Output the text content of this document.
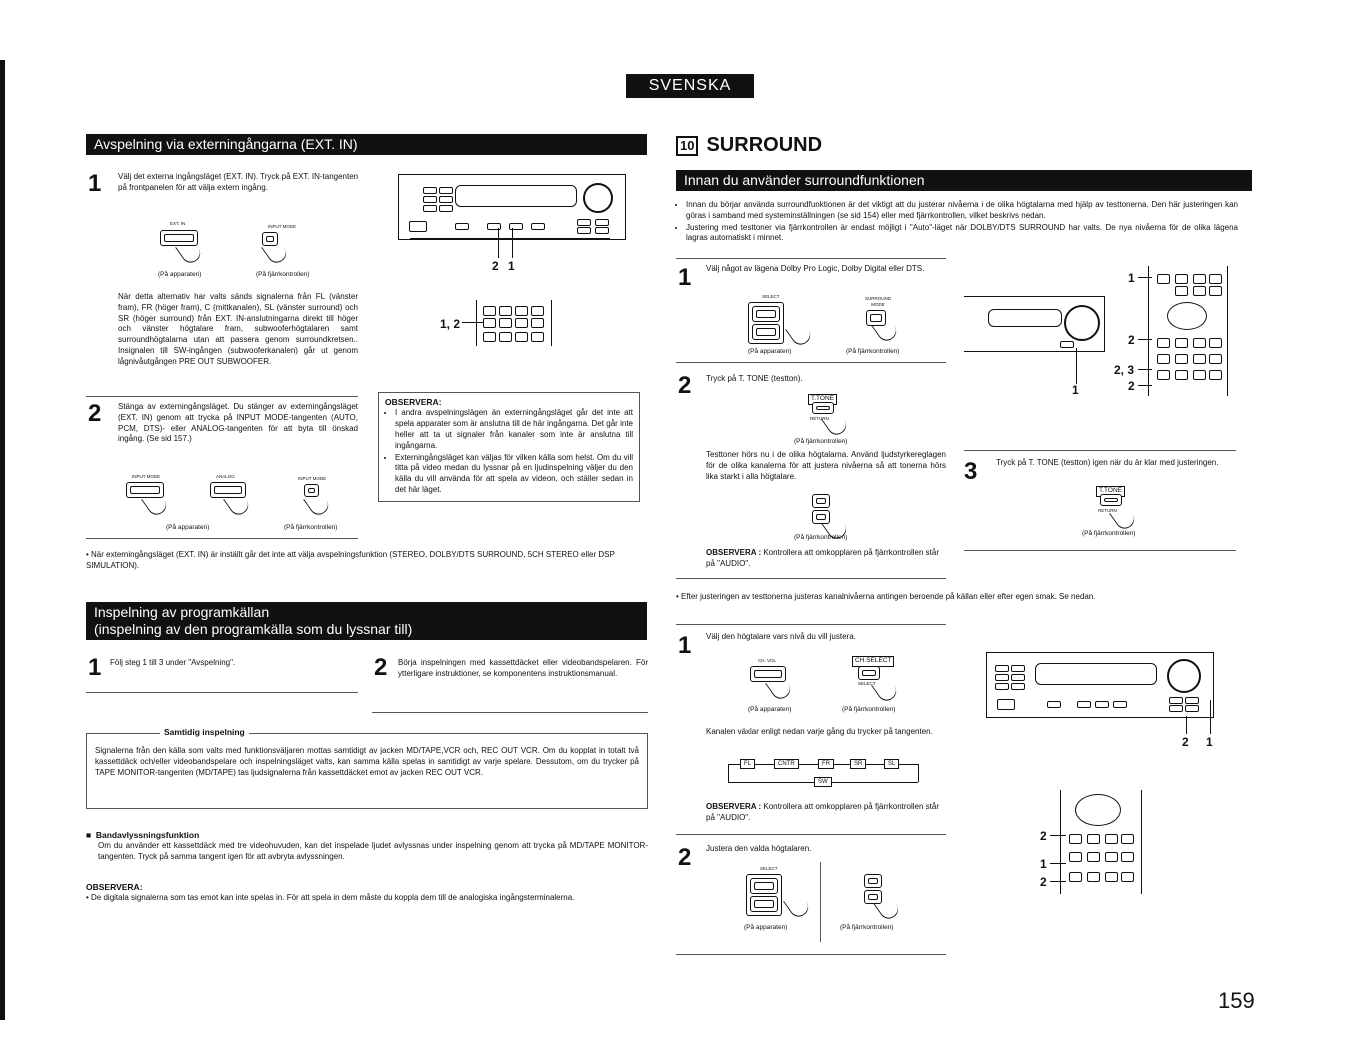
SVENSKA
Avspelning via externingångarna (EXT. IN)
1 Välj det externa ingångsläget (EXT. IN). Tryck på EXT. IN-tangenten på frontpanelen för att välja extern ingång.
EXT. IN
INPUT MODE
(På apparaten)	(På fjärrkontrollen)
När detta alternativ har valts sänds signalerna från FL (vänster fram), FR (höger fram), C (mittkanalen), SL (vänster surround) och SR (höger surround) från EXT. IN-anslutningarna direkt till höger och vänster högtalare fram, subwooferhögtalaren samt surroundhögtalarna utan att passera genom surroundkretsen.. Insignalen till SW-ingången (subwooferkanalen) går ut genom lågnivåutgången PRE OUT SUBWOOFER.
2 1
1, 2
2 Stänga av externingångsläget. Du stänger av externingångsläget (EXT. IN) genom att trycka på INPUT MODE-tangenten (AUTO, PCM, DTS)- eller ANALOG-tangenten för att byta till önskad ingång. (Se sid 157.)
INPUT MODE	ANALOG	INPUT MODE
(På apparaten)	(På fjärrkontrollen)
OBSERVERA:
• I andra avspelningslägen än externingångsläget går det inte att spela apparater som är anslutna till de här ingångarna. Det går inte heller att ta ut signaler från kanaler som inte är anslutna till ingångarna.
• Externingångsläget kan väljas för vilken källa som helst. Om du vill titta på video medan du lyssnar på en ljudinspelning väljer du den källa du vill använda för att spela av videon, och ställer sedan in det här läget.
• När externingångsläget (EXT. IN) är inställt går det inte att välja avspelningsfunktion (STEREO, DOLBY/DTS SURROUND, 5CH STEREO eller DSP SIMULATION).
Inspelning av programkällan
(inspelning av den programkälla som du lyssnar till)
1 Följ steg 1 till 3 under "Avspelning".	2 Börja inspelningen med kassettdäcket eller videobandspelaren. För ytterligare instruktioner, se komponentens instruktionsmanual.
Signalerna från den källa som valts med funktionsväljaren mottas samtidigt av jacken MD/TAPE,VCR och, REC OUT VCR. Om du kopplat in totalt två kassettdäck och/eller videobandspelare och inspelningsläget valts, kan samma källa spelas in samtidigt av varje spelare. Dessutom, om du trycker på TAPE MONITOR-tangenten (MD/TAPE) tas ljudsignalerna från kassettdäcket emot av jacken REC OUT VCR.
Samtidig inspelning
■  Bandavlyssningsfunktion
Om du använder ett kassettdäck med tre videohuvuden, kan det inspelade ljudet avlyssnas under inspelning genom att trycka på MD/TAPE MONITOR-tangenten. Tryck på samma tangent igen för att avbryta avlyssningen.
OBSERVERA:
• De digitala signalerna som tas emot kan inte spelas in. För att spela in dem måste du koppla dem till de analogiska ingångsterminalerna.
10 SURROUND
Innan du använder surroundfunktionen
• Innan du börjar använda surroundfunktionen är det viktigt att du justerar nivåerna i de olika högtalarna med hjälp av testtonerna. Den här justeringen kan göras i samband med systeminställningen (se sid 154) eller med fjärrkontrollen, vilket beskrivs nedan.
• Justering med testtoner via fjärrkontrollen är endast möjligt i "Auto"-läget när DOLBY/DTS SURROUND har valts. De nya nivåerna för de olika lägena lagras automatiskt i minnet.
1 Välj något av lägena Dolby Pro Logic, Dolby Digital eller DTS.
SELECT	SURROUND MODE
(På apparaten)	(På fjärrkontrollen)
2 Tryck på T. TONE (testton).
T.TONE
RETURN
(På fjärrkontrollen)
Testtoner hörs nu i de olika högtalarna. Använd ljudstyrkereglagen för de olika kanalerna för att justera nivåerna så att tonerna hörs lika starkt i alla högtalare.
(På fjärrkontrollen)
OBSERVERA : Kontrollera att omkopplaren på fjärrkontrollen står på "AUDIO".
1
1
2
2, 3
2
3 Tryck på T. TONE (testton) igen när du är klar med justeringen.
T.TONE
RETURN
(På fjärrkontrollen)
• Efter justeringen av testtonerna justeras kanalnivåerna antingen beroende på källan eller efter egen smak. Se nedan.
1 Välj den högtalare vars nivå du vill justera.
CH. VOL	CH.SELECT
SELECT
(På apparaten)	(På fjärrkontrollen)
Kanalen växlar enligt nedan varje gång du trycker på tangenten.
FL	CNTR	FR	SR	SL
SW
OBSERVERA : Kontrollera att omkopplaren på fjärrkontrollen står på "AUDIO".
2 Justera den valda högtalaren.
SELECT
(På apparaten)	(På fjärrkontrollen)
2 1
2
1
2
159
